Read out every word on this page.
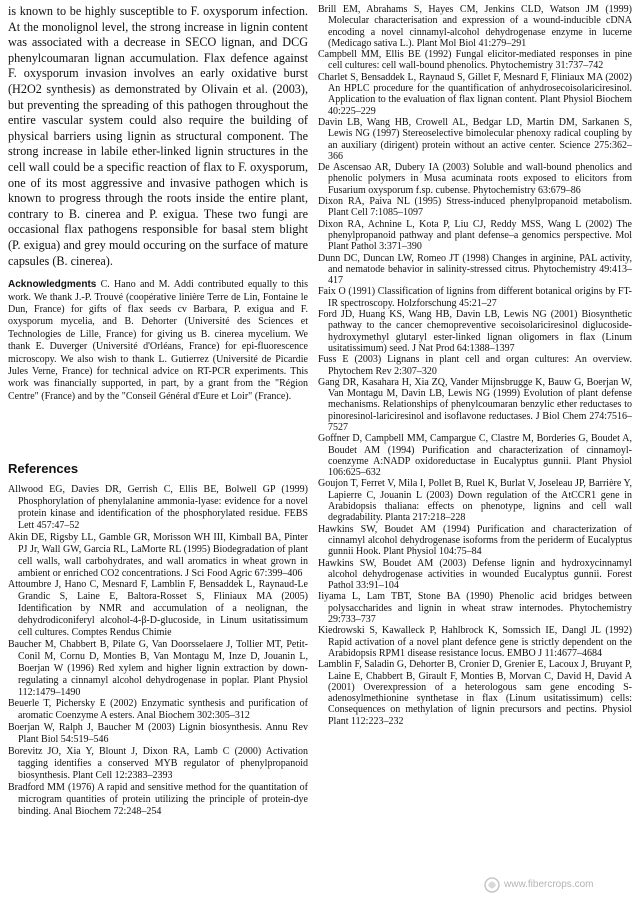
is known to be highly susceptible to F. oxysporum infection. At the monolignol level, the strong increase in lignin content was associated with a decrease in SECO lignan, and DCG phenylcoumaran lignan accumulation. Flax defence against F. oxysporum invasion involves an early oxidative burst (H2O2 synthesis) as demonstrated by Olivain et al. (2003), but preventing the spreading of this pathogen throughout the entire vascular system could also require the building of physical barriers using lignin as structural component. The strong increase in labile ether-linked lignin structures in the cell wall could be a specific reaction of flax to F. oxysporum, one of its most aggressive and invasive pathogen which is known to progress through the roots inside the entire plant, contrary to B. cinerea and P. exigua. These two fungi are occasional flax pathogens responsible for basal stem blight (P. exigua) and grey mould occuring on the surface of mature capsules (B. cinerea).

Acknowledgments C. Hano and M. Addi contributed equally to this work. We thank J.-P. Trouvé (coopérative linière Terre de Lin, Fontaine le Dun, France) for gifts of flax seeds cv Barbara, P. exigua and F. oxysporum mycelia, and B. Dehorter (Université des Sciences et Technologies de Lille, France) for giving us B. cinerea mycelium. We thank E. Duverger (Université d'Orléans, France) for epi-fluorescence microscopy. We also wish to thank L. Gutierrez (Université de Picardie Jules Verne, France) for technical advice on RT-PCR experiments. This work was financially supported, in part, by a grant from the "Région Centre" (France) and by the "Conseil Général d'Eure et Loir" (France).

References

Allwood EG, Davies DR, Gerrish C, Ellis BE, Bolwell GP (1999) Phosphorylation of phenylalanine ammonia-lyase: evidence for a novel protein kinase and identification of the phosphorylated residue. FEBS Lett 457:47–52

Akin DE, Rigsby LL, Gamble GR, Morisson WH III, Kimball BA, Pinter PJ Jr, Wall GW, Garcia RL, LaMorte RL (1995) Biodegradation of plant cell walls, wall carbohydrates, and wall aromatics in wheat grown in ambient or enriched CO2 concentrations. J Sci Food Agric 67:399–406

Attoumbre J, Hano C, Mesnard F, Lamblin F, Bensaddek L, Raynaud-Le Grandic S, Laine E, Baltora-Rosset S, Fliniaux MA (2005) Identification by NMR and accumulation of a neolignan, the dehydrodiconiferyl alcohol-4-β-D-glucoside, in Linum usitatissimum cell cultures. Comptes Rendus Chimie

Baucher M, Chabbert B, Pilate G, Van Doorsselaere J, Tollier MT, Petit-Conil M, Cornu D, Monties B, Van Montagu M, Inze D, Jouanin L, Boerjan W (1996) Red xylem and higher lignin extraction by down-regulating a cinnamyl alcohol dehydrogenase in poplar. Plant Physiol 112:1479–1490

Beuerle T, Pichersky E (2002) Enzymatic synthesis and purification of aromatic Coenzyme A esters. Anal Biochem 302:305–312

Boerjan W, Ralph J, Baucher M (2003) Lignin biosynthesis. Annu Rev Plant Biol 54:519–546

Borevitz JO, Xia Y, Blount J, Dixon RA, Lamb C (2000) Activation tagging identifies a conserved MYB regulator of phenylpropanoid biosynthesis. Plant Cell 12:2383–2393

Bradford MM (1976) A rapid and sensitive method for the quantitation of microgram quantities of protein utilizing the principle of protein-dye binding. Anal Biochem 72:248–254

Brill EM, Abrahams S, Hayes CM, Jenkins CLD, Watson JM (1999) Molecular characterisation and expression of a wound-inducible cDNA encoding a novel cinnamyl-alcohol dehydrogenase enzyme in lucerne (Medicago sativa L.). Plant Mol Biol 41:279–291

Campbell MM, Ellis BE (1992) Fungal elicitor-mediated responses in pine cell cultures: cell wall-bound phenolics. Phytochemistry 31:737–742

Charlet S, Bensaddek L, Raynaud S, Gillet F, Mesnard F, Fliniaux MA (2002) An HPLC procedure for the quantification of anhydrosecoisolariciresinol. Application to the evaluation of flax lignan content. Plant Physiol Biochem 40:225–229

Davin LB, Wang HB, Crowell AL, Bedgar LD, Martin DM, Sarkanen S, Lewis NG (1997) Stereoselective bimolecular phenoxy radical coupling by an auxiliary (dirigent) protein without an active center. Science 275:362–366

De Ascensao AR, Dubery IA (2003) Soluble and wall-bound phenolics and phenolic polymers in Musa acuminata roots exposed to elicitors from Fusarium oxysporum f.sp. cubense. Phytochemistry 63:679–86

Dixon RA, Paiva NL (1995) Stress-induced phenylpropanoid metabolism. Plant Cell 7:1085–1097

Dixon RA, Achnine L, Kota P, Liu CJ, Reddy MSS, Wang L (2002) The phenylpropanoid pathway and plant defense–a genomics perspective. Mol Plant Pathol 3:371–390

Dunn DC, Duncan LW, Romeo JT (1998) Changes in arginine, PAL activity, and nematode behavior in salinity-stressed citrus. Phytochemistry 49:413–417

Faix O (1991) Classification of lignins from different botanical origins by FT-IR spectroscopy. Holzforschung 45:21–27

Ford JD, Huang KS, Wang HB, Davin LB, Lewis NG (2001) Biosynthetic pathway to the cancer chemopreventive secoisolariciresinol diglucoside-hydroxymethyl glutaryl ester-linked lignan oligomers in flax (Linum usitatissimum) seed. J Nat Prod 64:1388–1397

Fuss E (2003) Lignans in plant cell and organ cultures: An overview. Phytochem Rev 2:307–320

Gang DR, Kasahara H, Xia ZQ, Vander Mijnsbrugge K, Bauw G, Boerjan W, Van Montagu M, Davin LB, Lewis NG (1999) Evolution of plant defense mechanisms. Relationships of phenylcoumaran benzylic ether reductases to pinoresinol-lariciresinol and isoflavone reductases. J Biol Chem 274:7516–7527

Goffner D, Campbell MM, Campargue C, Clastre M, Borderies G, Boudet A, Boudet AM (1994) Purification and characterization of cinnamoyl-coenzyme A:NADP oxidoreductase in Eucalyptus gunnii. Plant Physiol 106:625–632

Goujon T, Ferret V, Mila I, Pollet B, Ruel K, Burlat V, Joseleau JP, Barrière Y, Lapierre C, Jouanin L (2003) Down regulation of the AtCCR1 gene in Arabidopsis thaliana: effects on phenotype, lignins and cell wall degradability. Planta 217:218–228

Hawkins SW, Boudet AM (1994) Purification and characterization of cinnamyl alcohol dehydrogenase isoforms from the periderm of Eucalyptus gunnii Hook. Plant Physiol 104:75–84

Hawkins SW, Boudet AM (2003) Defense lignin and hydroxycinnamyl alcohol dehydrogenase activities in wounded Eucalyptus gunnii. Forest Pathol 33:91–104

Iiyama L, Lam TBT, Stone BA (1990) Phenolic acid bridges between polysaccharides and lignin in wheat straw internodes. Phytochemistry 29:733–737

Kiedrowski S, Kawalleck P, Hahlbrock K, Somssich IE, Dangl JL (1992) Rapid activation of a novel plant defence gene is strictly dependent on the Arabidopsis RPM1 disease resistance locus. EMBO J 11:4677–4684

Lamblin F, Saladin G, Dehorter B, Cronier D, Grenier E, Lacoux J, Bruyant P, Laine E, Chabbert B, Girault F, Monties B, Morvan C, David H, David A (2001) Overexpression of a heterologous sam gene encoding S-adenosylmethionine synthetase in flax (Linum usitatissimum) cells: Consequences on methylation of lignin precursors and pectins. Physiol Plant 112:223–232

www.fibercrops.com
